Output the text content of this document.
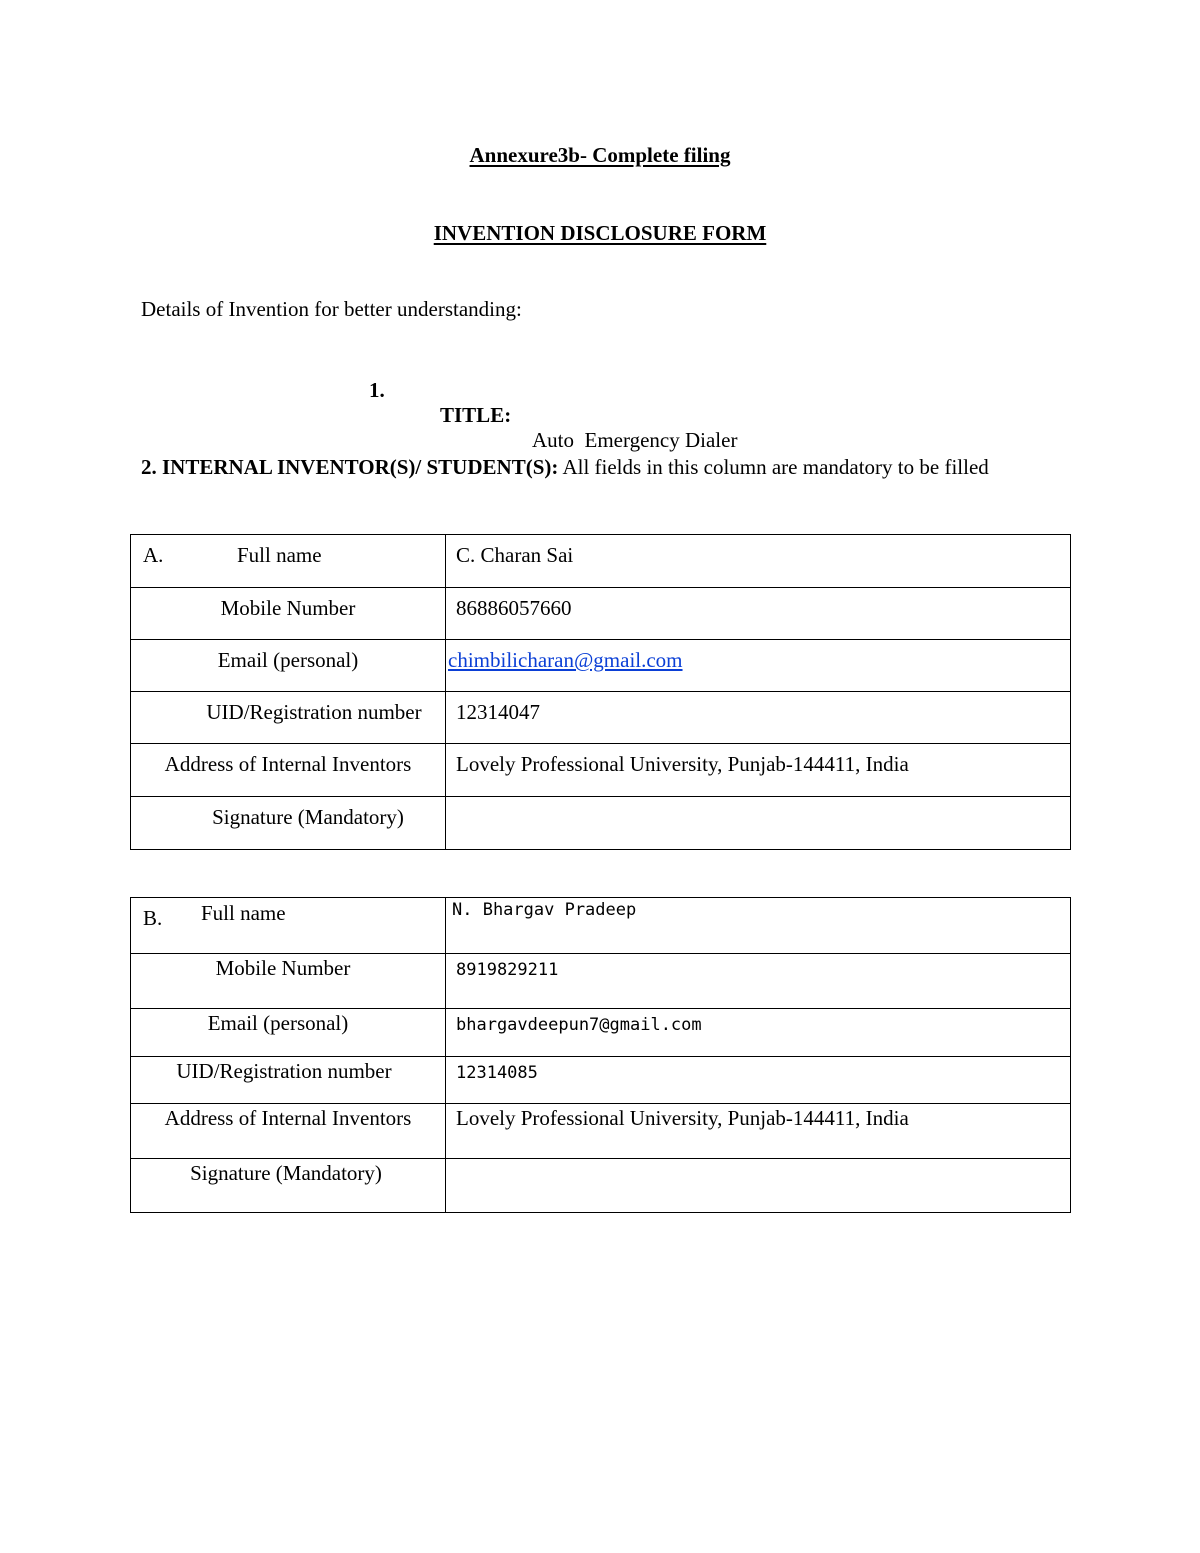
Annexure3b- Complete filing
INVENTION DISCLOSURE FORM
Details of Invention for better understanding:

1.

TITLE:

Auto  Emergency Dialer

2. INTERNAL INVENTOR(S)/ STUDENT(S): All fields in this column are mandatory to be filled
A. Full name	C. Charan Sai

Mobile Number	86886057660

Email (personal)	chimbilicharan@gmail.com

UID/Registration number	12314047

Address of Internal Inventors	Lovely Professional University, Punjab-144411, India

Signature (Mandatory)	

B. Full name	N. Bhargav Pradeep

Mobile Number	8919829211

Email (personal)	bhargavdeepun7@gmail.com

UID/Registration number	12314085

Address of Internal Inventors	Lovely Professional University, Punjab-144411, India

Signature (Mandatory)	
